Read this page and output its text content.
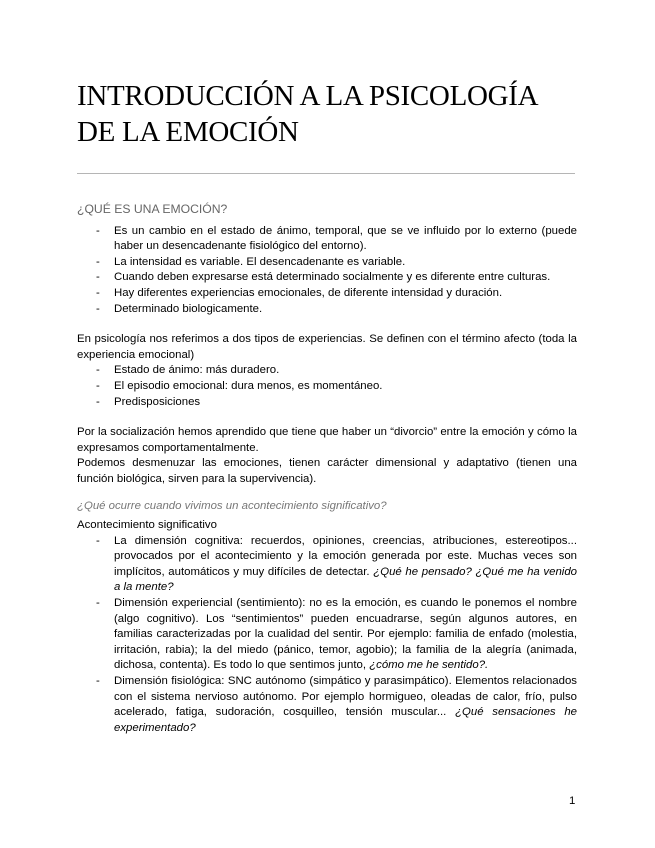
INTRODUCCIÓN A LA PSICOLOGÍA
DE LA EMOCIÓN
¿QUÉ ES UNA EMOCIÓN?
- Es un cambio en el estado de ánimo, temporal, que se ve influido por lo externo (puede haber un desencadenante fisiológico del entorno).
- La intensidad es variable. El desencadenante es variable.
- Cuando deben expresarse está determinado socialmente y es diferente entre culturas.
- Hay diferentes experiencias emocionales, de diferente intensidad y duración.
- Determinado biologicamente.

En psicología nos referimos a dos tipos de experiencias. Se definen con el término afecto (toda la experiencia emocional)

- Estado de ánimo: más duradero.
- El episodio emocional: dura menos, es momentáneo.
- Predisposiciones

Por la socialización hemos aprendido que tiene que haber un “divorcio” entre la emoción y cómo la expresamos comportamentalmente.

Podemos desmenuzar las emociones, tienen carácter dimensional y adaptativo (tienen una función biológica, sirven para la supervivencia).

¿Qué ocurre cuando vivimos un acontecimiento significativo?

Acontecimiento significativo

- La dimensión cognitiva: recuerdos, opiniones, creencias, atribuciones, estereotipos... provocados por el acontecimiento y la emoción generada por este. Muchas veces son implícitos, automáticos y muy difíciles de detectar. ¿Qué he pensado? ¿Qué me ha venido a la mente?
- Dimensión experiencial (sentimiento): no es la emoción, es cuando le ponemos el nombre (algo cognitivo). Los “sentimientos” pueden encuadrarse, según algunos autores, en familias caracterizadas por la cualidad del sentir. Por ejemplo: familia de enfado (molestia, irritación, rabia); la del miedo (pánico, temor, agobio); la familia de la alegría (animada, dichosa, contenta). Es todo lo que sentimos junto, ¿cómo me he sentido?.
- Dimensión fisiológica: SNC autónomo (simpático y parasimpático). Elementos relacionados con el sistema nervioso autónomo. Por ejemplo hormigueo, oleadas de calor, frío, pulso acelerado, fatiga, sudoración, cosquilleo, tensión muscular... ¿Qué sensaciones he experimentado?
1
